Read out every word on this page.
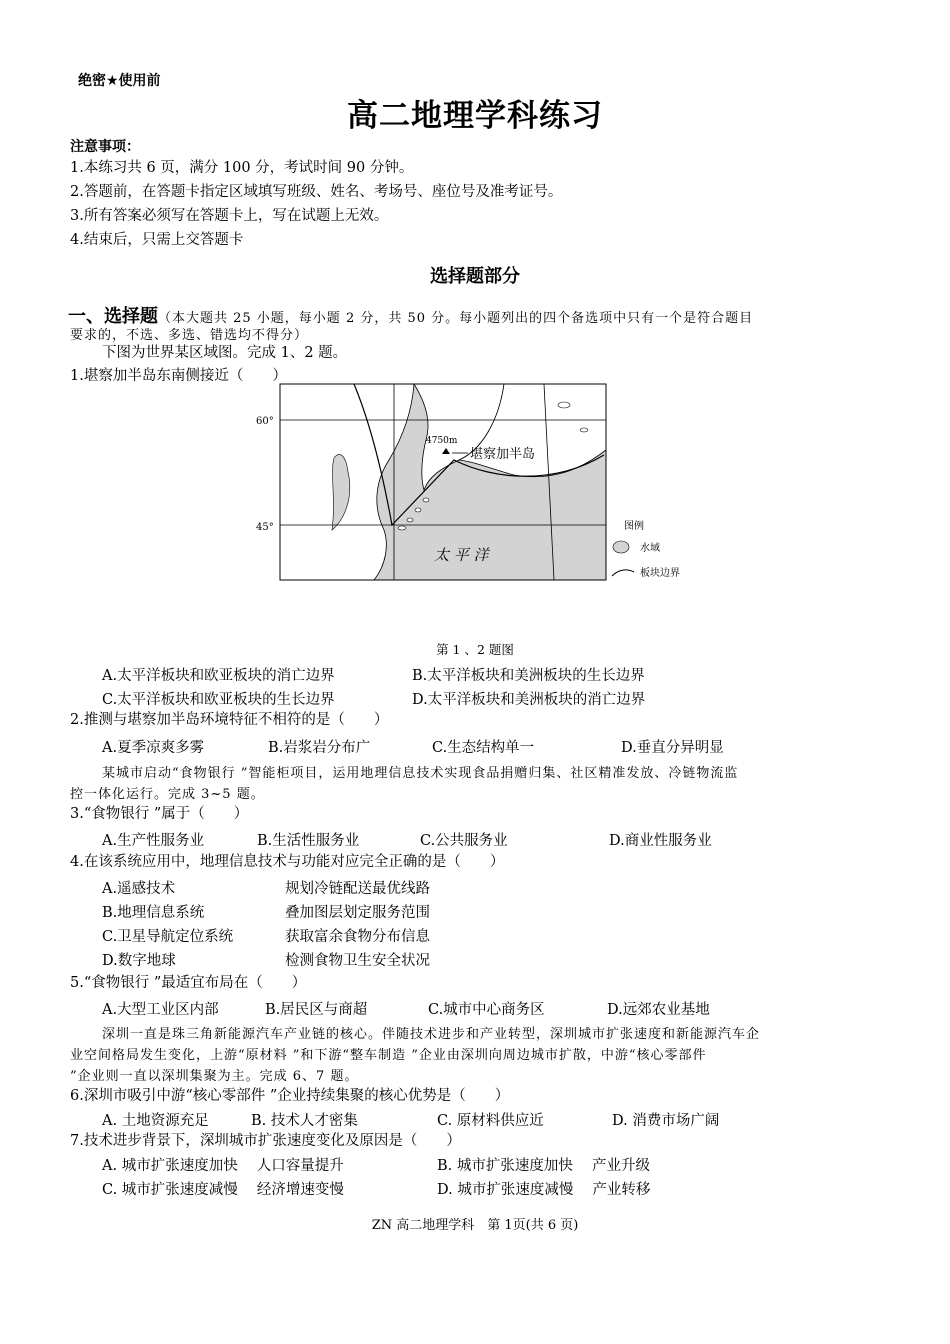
绝密★使用前
高二地理学科练习
注意事项：
1.本练习共 6 页，满分 100 分，考试时间 90 分钟。
2.答题前，在答题卡指定区域填写班级、姓名、考场号、座位号及准考证号。
3.所有答案必须写在答题卡上，写在试题上无效。
4.结束后，只需上交答题卡
选择题部分
一、选择题（本大题共 25 小题，每小题 2 分，共 50 分。每小题列出的四个备选项中只有一个是符合题目
要求的，不选、多选、错选均不得分）
下图为世界某区域图。完成 1、2 题。
1.堪察加半岛东南侧接近（　　）
60°
45°
4750m
堪察加半岛
太 平 洋
图例
水域
板块边界
第 1 、2 题图
A.太平洋板块和欧亚板块的消亡边界	B.太平洋板块和美洲板块的生长边界
C.太平洋板块和欧亚板块的生长边界	D.太平洋板块和美洲板块的消亡边界
2.推测与堪察加半岛环境特征不相符的是（　　）
A.夏季凉爽多雾	B.岩浆岩分布广	C.生态结构单一	D.垂直分异明显
某城市启动“食物银行 ”智能柜项目，运用地理信息技术实现食品捐赠归集、社区精准发放、冷链物流监
控一体化运行。完成 3~5 题。
3.“食物银行 ”属于（　　）
A.生产性服务业	B.生活性服务业	C.公共服务业	D.商业性服务业
4.在该系统应用中，地理信息技术与功能对应完全正确的是（　　）
A.遥感技术	规划冷链配送最优线路
B.地理信息系统	叠加图层划定服务范围
C.卫星导航定位系统	获取富余食物分布信息
D.数字地球	检测食物卫生安全状况
5.“食物银行 ”最适宜布局在（　　）
A.大型工业区内部	B.居民区与商超	C.城市中心商务区	D.远郊农业基地
深圳一直是珠三角新能源汽车产业链的核心。伴随技术进步和产业转型，深圳城市扩张速度和新能源汽车企
业空间格局发生变化，上游“原材料 ”和下游“整车制造 ”企业由深圳向周边城市扩散，中游“核心零部件
”企业则一直以深圳集聚为主。完成 6、7 题。
6.深圳市吸引中游“核心零部件 ”企业持续集聚的核心优势是（　　）
A. 土地资源充足	B. 技术人才密集	C. 原材料供应近	D. 消费市场广阔
7.技术进步背景下，深圳城市扩张速度变化及原因是（　　）
A. 城市扩张速度加快　 人口容量提升	B. 城市扩张速度加快　 产业升级
C. 城市扩张速度减慢　 经济增速变慢	D. 城市扩张速度减慢　 产业转移
ZN 高二地理学科　第 1页(共 6 页)
